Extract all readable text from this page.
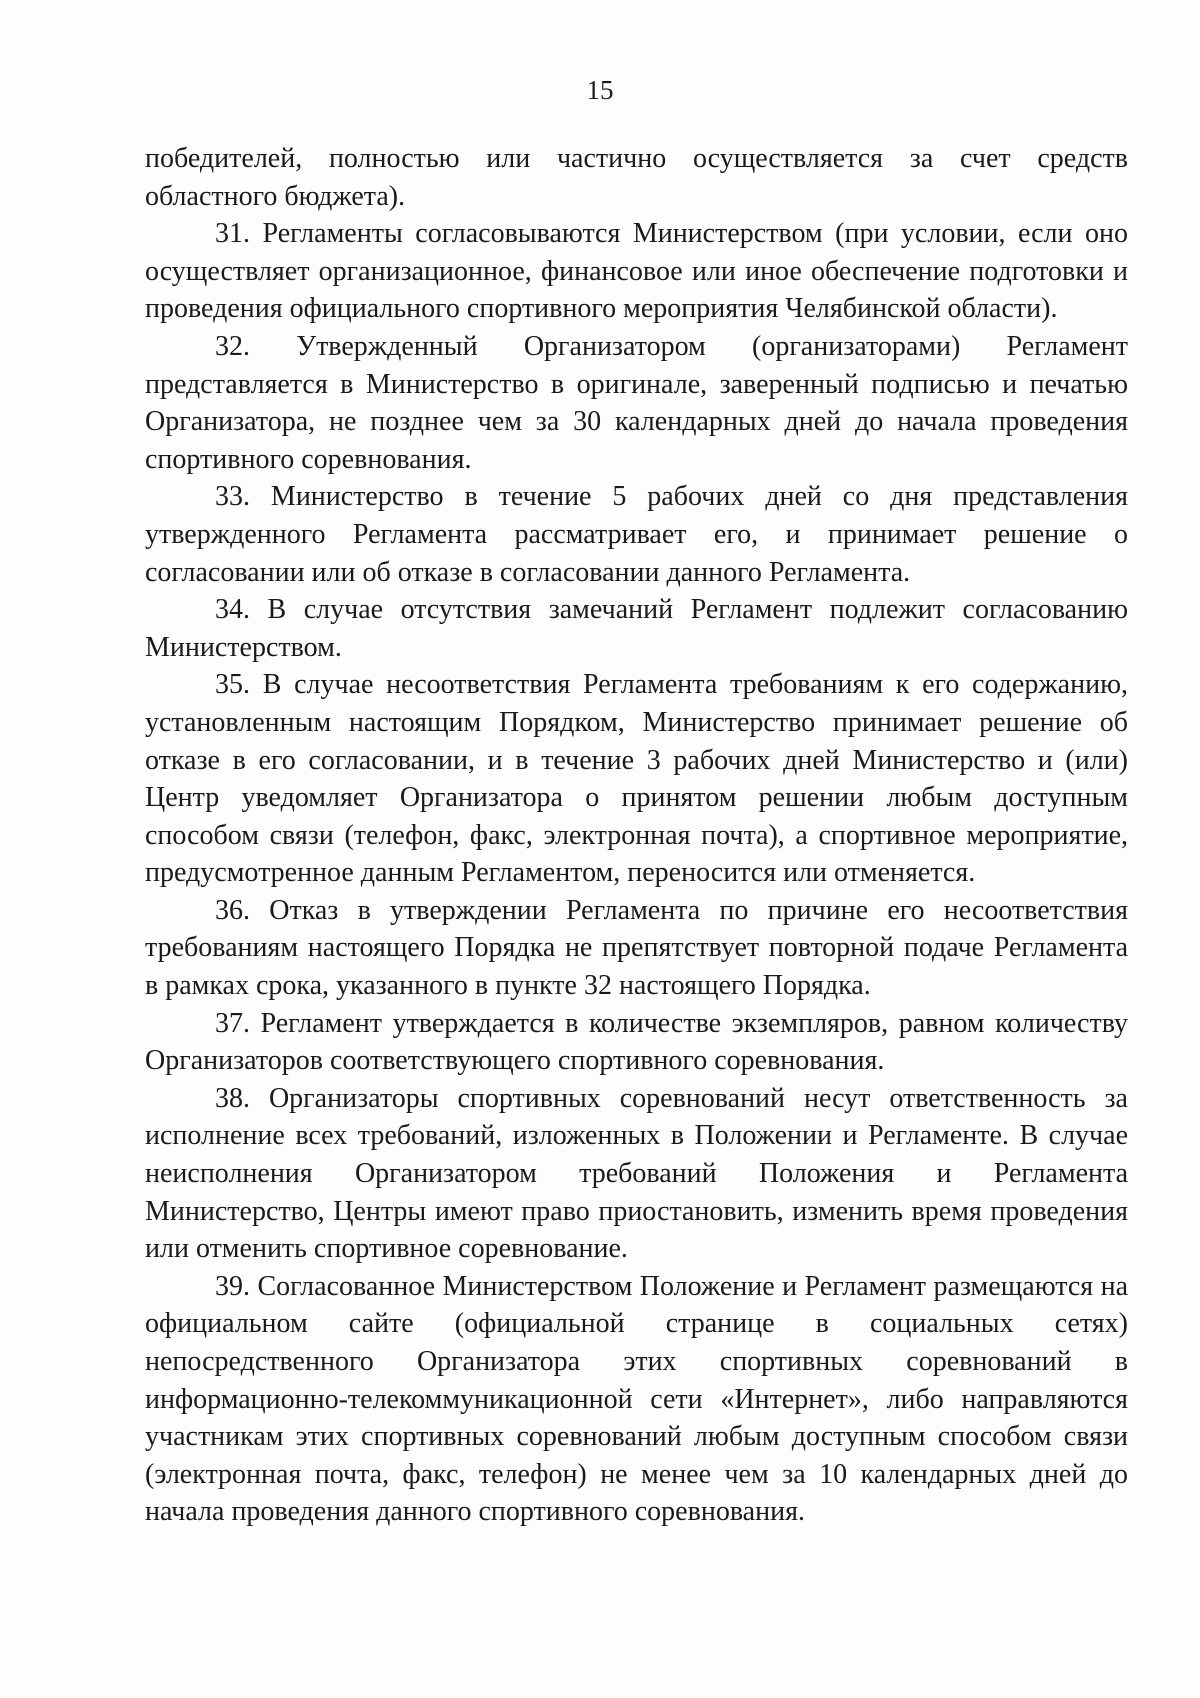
15

победителей, полностью или частично осуществляется за счет средств областного бюджета).

31. Регламенты согласовываются Министерством (при условии, если оно осуществляет организационное, финансовое или иное обеспечение подготовки и проведения официального спортивного мероприятия Челябинской области).

32. Утвержденный Организатором (организаторами) Регламент представляется в Министерство в оригинале, заверенный подписью и печатью Организатора, не позднее чем за 30 календарных дней до начала проведения спортивного соревнования.

33. Министерство в течение 5 рабочих дней со дня представления утвержденного Регламента рассматривает его, и принимает решение о согласовании или об отказе в согласовании данного Регламента.

34. В случае отсутствия замечаний Регламент подлежит согласованию Министерством.

35. В случае несоответствия Регламента требованиям к его содержанию, установленным настоящим Порядком, Министерство принимает решение об отказе в его согласовании, и в течение 3 рабочих дней Министерство и (или) Центр уведомляет Организатора о принятом решении любым доступным способом связи (телефон, факс, электронная почта), а спортивное мероприятие, предусмотренное данным Регламентом, переносится или отменяется.

36. Отказ в утверждении Регламента по причине его несоответствия требованиям настоящего Порядка не препятствует повторной подаче Регламента в рамках срока, указанного в пункте 32 настоящего Порядка.

37. Регламент утверждается в количестве экземпляров, равном количеству Организаторов соответствующего спортивного соревнования.

38. Организаторы спортивных соревнований несут ответственность за исполнение всех требований, изложенных в Положении и Регламенте. В случае неисполнения Организатором требований Положения и Регламента Министерство, Центры имеют право приостановить, изменить время проведения или отменить спортивное соревнование.

39. Согласованное Министерством Положение и Регламент размещаются на официальном сайте (официальной странице в социальных сетях) непосредственного Организатора этих спортивных соревнований в информационно-телекоммуникационной сети «Интернет», либо направляются участникам этих спортивных соревнований любым доступным способом связи (электронная почта, факс, телефон) не менее чем за 10 календарных дней до начала проведения данного спортивного соревнования.
